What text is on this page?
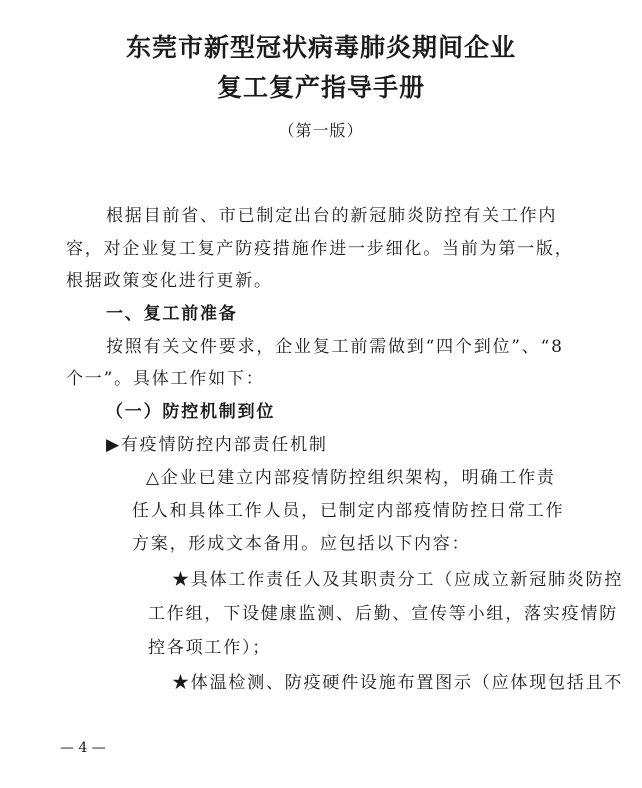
东莞市新型冠状病毒肺炎期间企业
复工复产指导手册
（第一版）
根据目前省、市已制定出台的新冠肺炎防控有关工作内
容，对企业复工复产防疫措施作进一步细化。当前为第一版，
根据政策变化进行更新。
一、复工前准备
按照有关文件要求，企业复工前需做到“四个到位”、“8
个一”。具体工作如下：
（一）防控机制到位
▶有疫情防控内部责任机制
△企业已建立内部疫情防控组织架构，明确工作责
任人和具体工作人员，已制定内部疫情防控日常工作
方案，形成文本备用。应包括以下内容：
★具体工作责任人及其职责分工（应成立新冠肺炎防控
工作组，下设健康监测、后勤、宣传等小组，落实疫情防
控各项工作）；
★体温检测、防疫硬件设施布置图示（应体现包括且不
— 4 —
